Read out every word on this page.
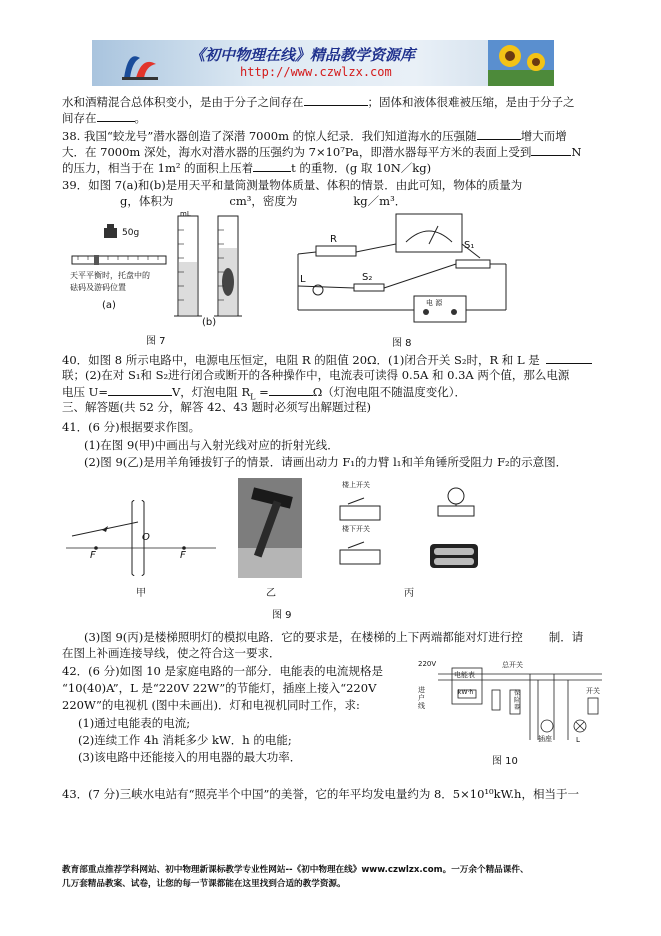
《初中物理在线》精品教学资源库
http://www.czwlzx.com
水和酒精混合总体积变小，是由于分子之间存在	；固体和液体很难被压缩，是由于分子之
间存在	。
38. 我国“蛟龙号”潜水器创造了深潜 7000m 的惊人纪录．我们知道海水的压强随	增大而增
大．在 7000m 深处，海水对潜水器的压强约为 7×10⁷Pa，即潜水器每平方米的表面上受到	N
的压力，相当于在 1m² 的面积上压着	t 的重物．(g 取 10N／kg)
39．如图 7(a)和(b)是用天平和量筒测量物体质量、体积的情景．由此可知，物体的质量为
g，体积为	cm³，密度为	kg／m³．
50g
天平平衡时，托盘中的
砝码及游码位置
(a)
mL
(b)
图 7
R
S₁
S₂
L
电 源
图 8
40．如图 8 所示电路中，电源电压恒定，电阻 R 的阻值 20Ω．(1)闭合开关 S₂时，R 和 L 是
联；(2)在对 S₁和 S₂进行闭合或断开的各种操作中，电流表可读得 0.5A 和 0.3A 两个值，那么电源
电压 U=	V，灯泡电阻 $R_L$ =	Ω（灯泡电阻不随温度变化）．
三、解答题(共 52 分，解答 42、43 题时必须写出解题过程)
41．(6 分)根据要求作图。
(1)在图 9(甲)中画出与入射光线对应的折射光线．
(2)图 9(乙)是用羊角锤拔钉子的情景．请画出动力 F₁的力臂 l₁和羊角锤所受阻力 F₂的示意图．
F
O
F
甲	乙
楼上开关
楼下开关
丙
图 9
(3)图 9(丙)是楼梯照明灯的模拟电路．它的要求是，在楼梯的上下两端都能对灯进行控 制．请
在图上补画连接导线，使之符合这一要求．
42．(6 分)如图 10 是家庭电路的一部分．电能表的电流规格是
“10(40)A”，L 是“220V 22W”的节能灯，插座上接入“220V
220W”的电视机 (图中未画出)．灯和电视机同时工作，求:
(1)通过电能表的电流;
(2)连续工作 4h 消耗多少 kW．h 的电能;
(3)该电路中还能接入的用电器的最大功率．
220V
电能表
kW·h
进户线
总开关
保险器
插座
开关
L
图 10
43．(7 分)三峡水电站有“照亮半个中国”的美誉，它的年平均发电量约为 8．5×10¹⁰kW.h，相当于一
教育部重点推荐学科网站、初中物理新课标教学专业性网站--《初中物理在线》www.czwlzx.com。一万余个精品课件、
几万套精品教案、试卷，让您的每一节课都能在这里找到合适的教学资源。
